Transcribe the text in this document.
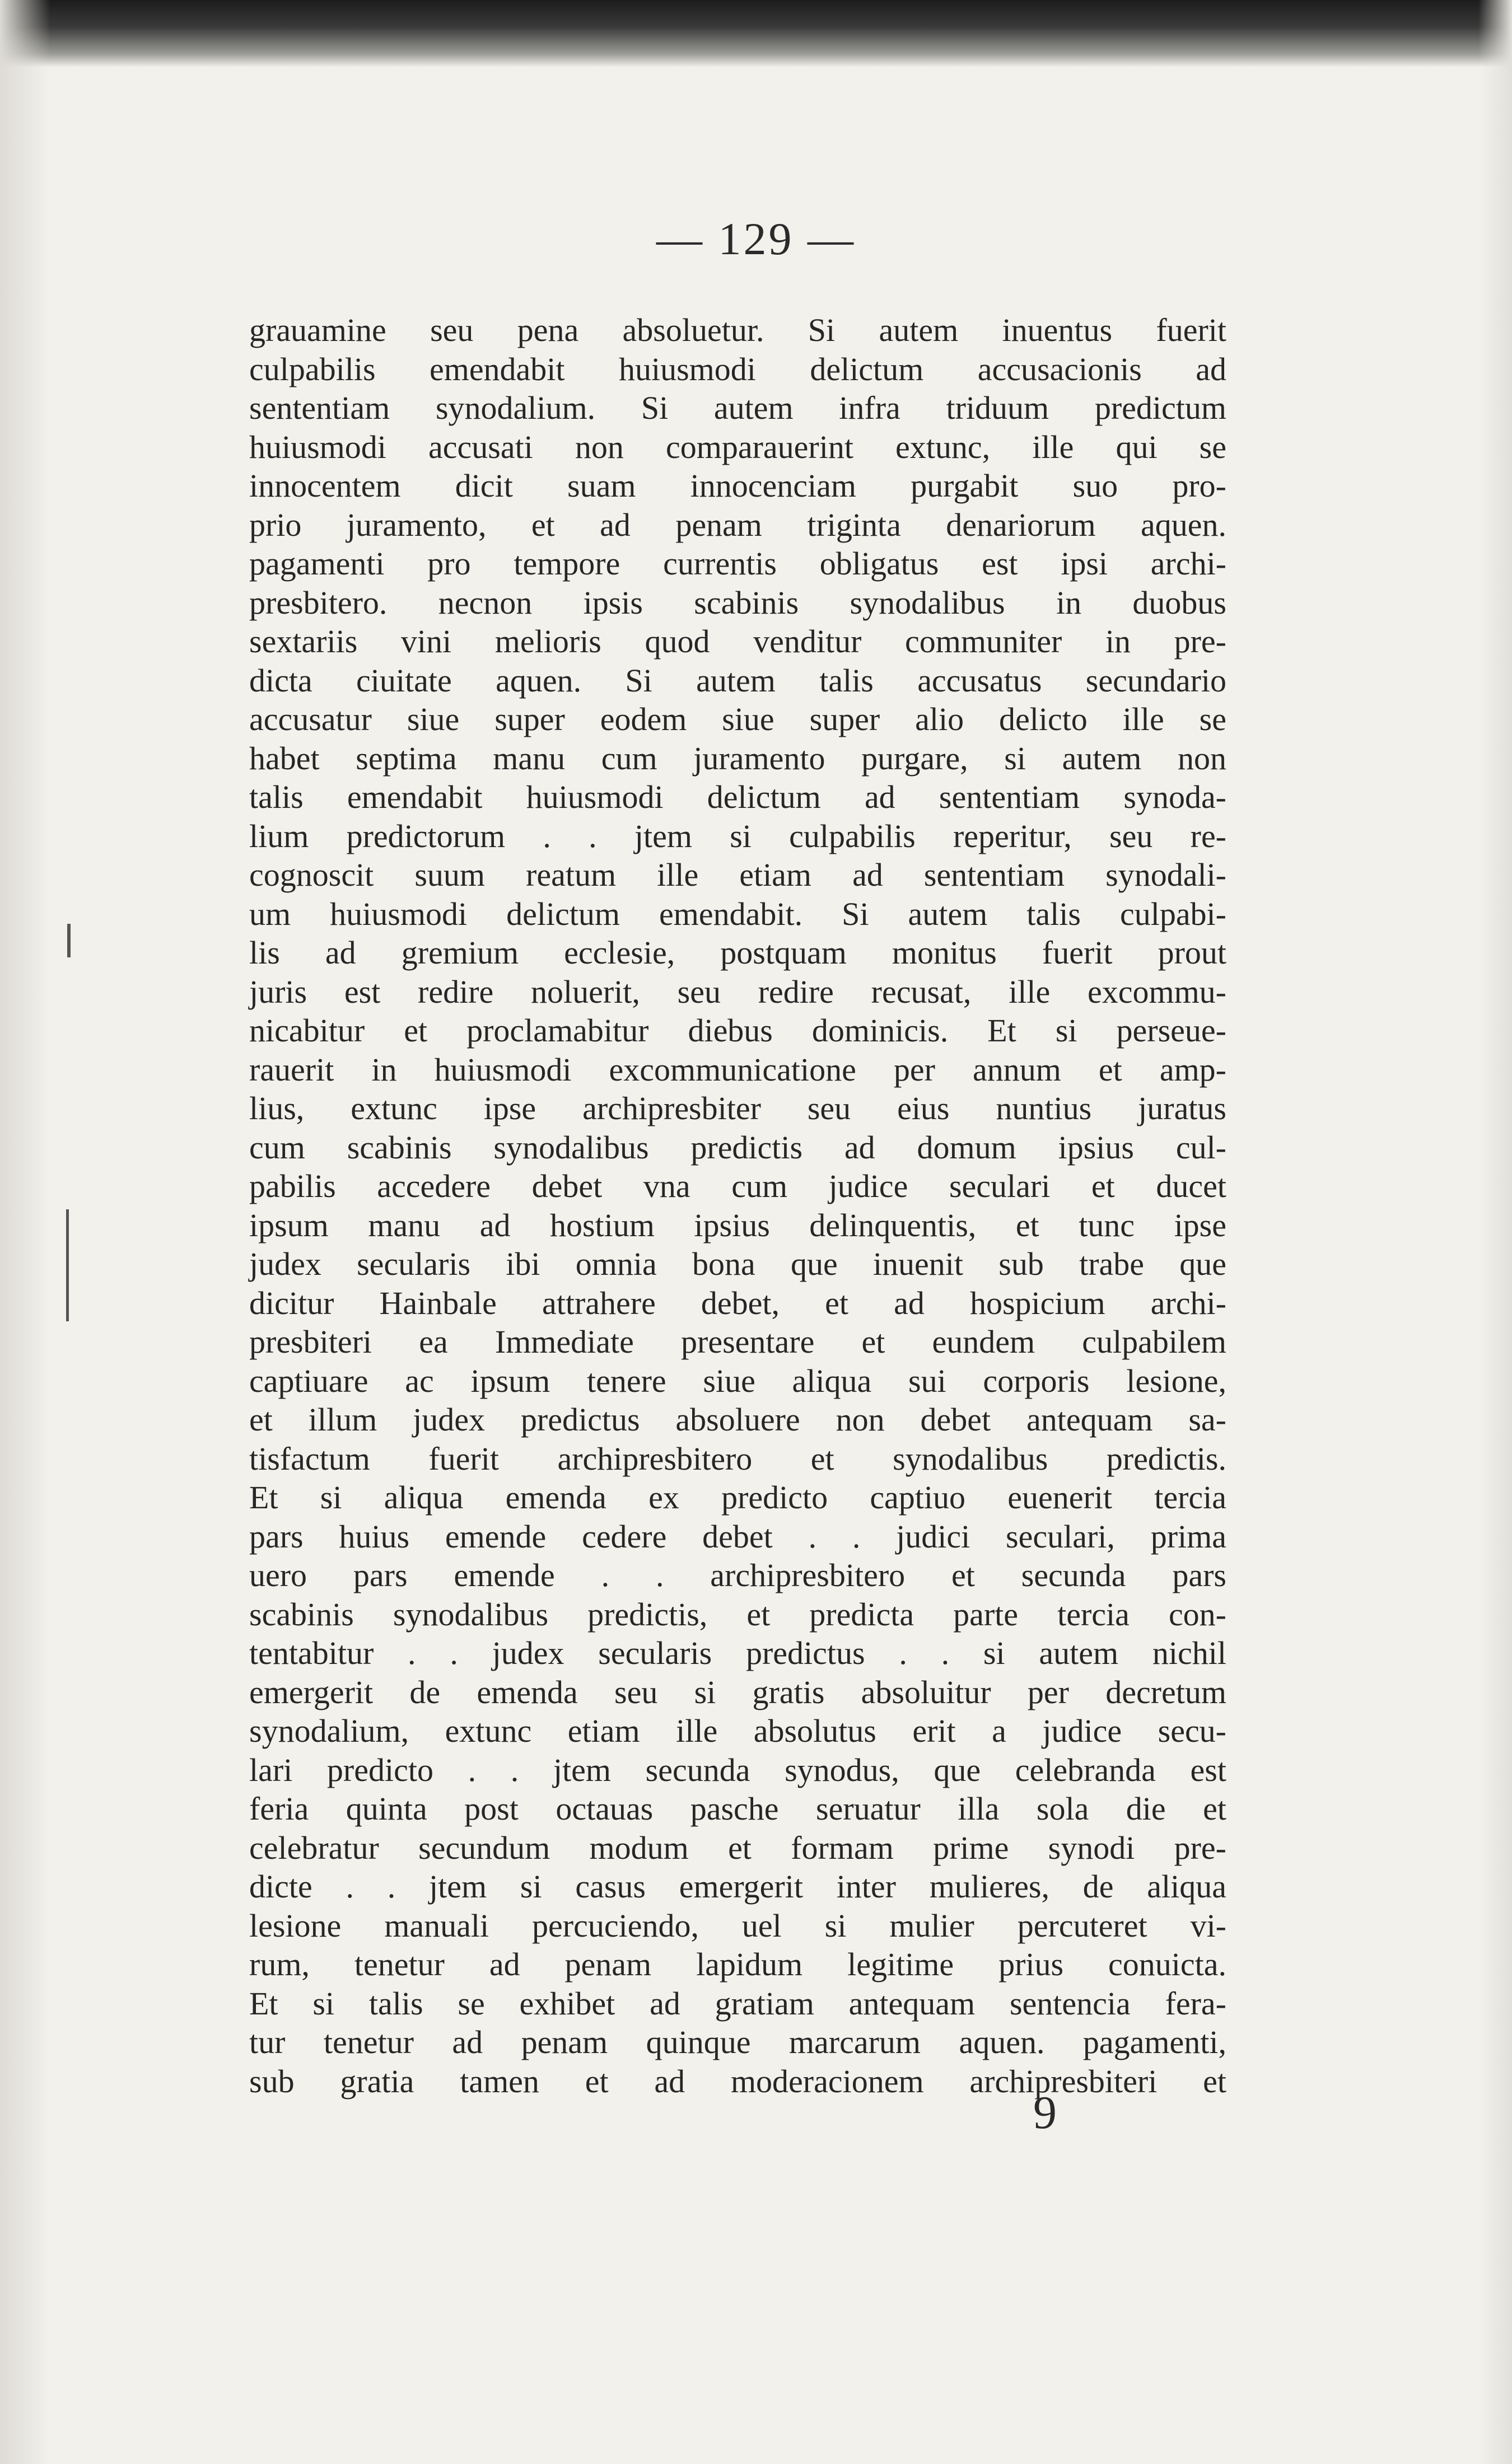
— 129 —
grauamine seu pena absoluetur. Si autem inuentus fuerit
culpabilis emendabit huiusmodi delictum accusacionis ad
sententiam synodalium. Si autem infra triduum predictum
huiusmodi accusati non comparauerint extunc, ille qui se
innocentem dicit suam innocenciam purgabit suo pro-
prio juramento, et ad penam triginta denariorum aquen.
pagamenti pro tempore currentis obligatus est ipsi archi-
presbitero. necnon ipsis scabinis synodalibus in duobus
sextariis vini melioris quod venditur communiter in pre-
dicta ciuitate aquen. Si autem talis accusatus secundario
accusatur siue super eodem siue super alio delicto ille se
habet septima manu cum juramento purgare, si autem non
talis emendabit huiusmodi delictum ad sententiam synoda-
lium predictorum . . jtem si culpabilis reperitur, seu re-
cognoscit suum reatum ille etiam ad sententiam synodali-
um huiusmodi delictum emendabit. Si autem talis culpabi-
lis ad gremium ecclesie, postquam monitus fuerit prout
juris est redire noluerit, seu redire recusat, ille excommu-
nicabitur et proclamabitur diebus dominicis. Et si perseue-
rauerit in huiusmodi excommunicatione per annum et amp-
lius, extunc ipse archipresbiter seu eius nuntius juratus
cum scabinis synodalibus predictis ad domum ipsius cul-
pabilis accedere debet vna cum judice seculari et ducet
ipsum manu ad hostium ipsius delinquentis, et tunc ipse
judex secularis ibi omnia bona que inuenit sub trabe que
dicitur Hainbale attrahere debet, et ad hospicium archi-
presbiteri ea Immediate presentare et eundem culpabilem
captiuare ac ipsum tenere siue aliqua sui corporis lesione,
et illum judex predictus absoluere non debet antequam sa-
tisfactum fuerit archipresbitero et synodalibus predictis.
Et si aliqua emenda ex predicto captiuo euenerit tercia
pars huius emende cedere debet . . judici seculari, prima
uero pars emende . . archipresbitero et secunda pars
scabinis synodalibus predictis, et predicta parte tercia con-
tentabitur . . judex secularis predictus . . si autem nichil
emergerit de emenda seu si gratis absoluitur per decretum
synodalium, extunc etiam ille absolutus erit a judice secu-
lari predicto . . jtem secunda synodus, que celebranda est
feria quinta post octauas pasche seruatur illa sola die et
celebratur secundum modum et formam prime synodi pre-
dicte . . jtem si casus emergerit inter mulieres, de aliqua
lesione manuali percuciendo, uel si mulier percuteret vi-
rum, tenetur ad penam lapidum legitime prius conuicta.
Et si talis se exhibet ad gratiam antequam sentencia fera-
tur tenetur ad penam quinque marcarum aquen. pagamenti,
sub gratia tamen et ad moderacionem archipresbiteri et
9
